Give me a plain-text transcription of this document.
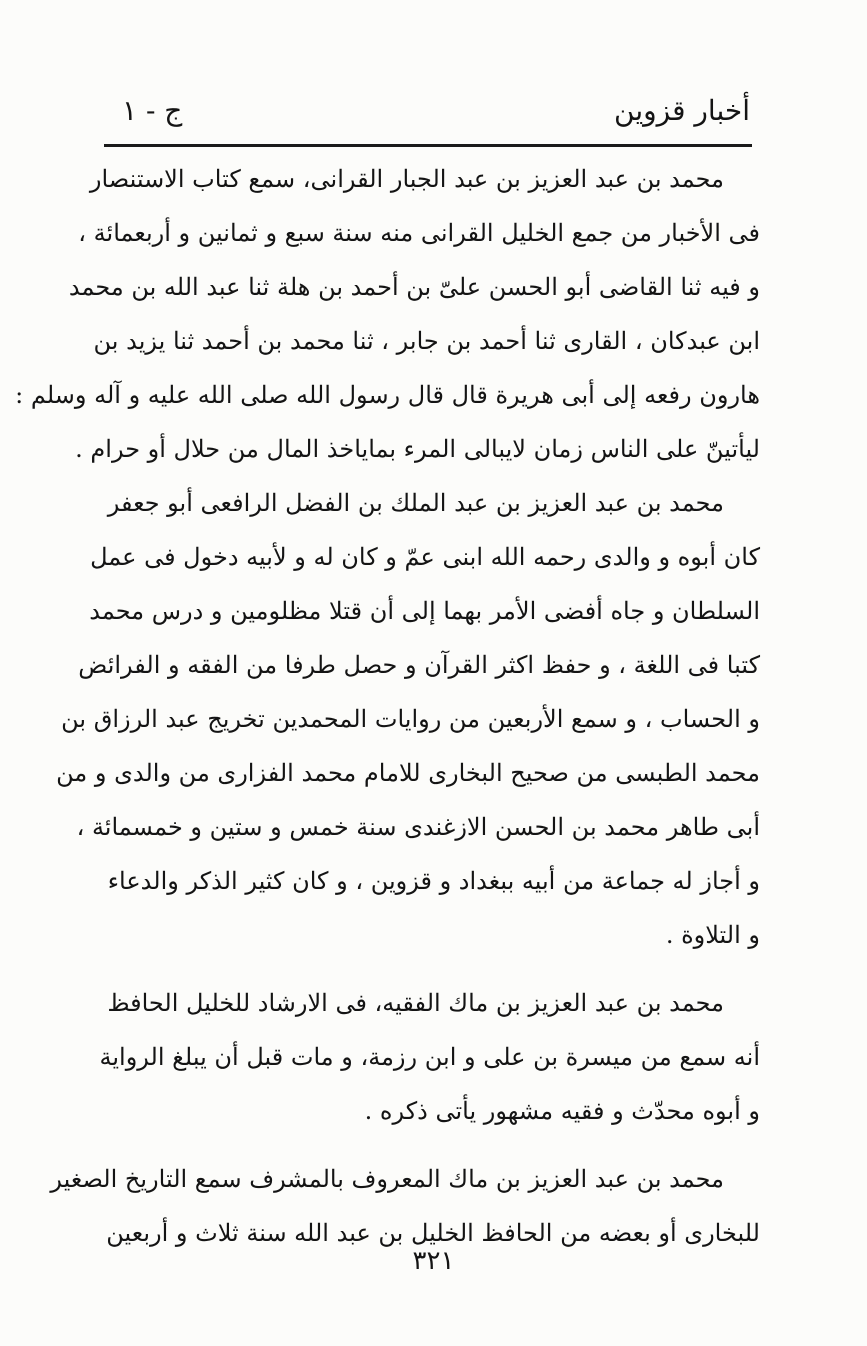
أخبار قزوين
ج - ١
محمد بن عبد العزيز بن عبد الجبار القرانى، سمع كتاب الاستنصار
فى الأخبار من جمع الخليل القرانى منه سنة سبع و ثمانين و أربعمائة ،
و فيه ثنا القاضى أبو الحسن علىّ بن أحمد بن هلة ثنا عبد الله بن محمد
ابن عبدكان ، القارى ثنا أحمد بن جابر ، ثنا محمد بن أحمد ثنا يزيد بن
هارون رفعه إلى أبى هريرة قال قال رسول الله صلى الله عليه و آله وسلم :
ليأتينّ على الناس زمان لايبالى المرء بماياخذ المال من حلال أو حرام .
محمد بن عبد العزيز بن عبد الملك بن الفضل الرافعى أبو جعفر
كان أبوه و والدى رحمه الله ابنى عمّ و كان له و لأبيه دخول فى عمل
السلطان و جاه أفضى الأمر بهما إلى أن قتلا مظلومين و درس محمد
كتبا فى اللغة ، و حفظ اكثر القرآن و حصل طرفا من الفقه و الفرائض
و الحساب ، و سمع الأربعين من روايات المحمدين تخريج عبد الرزاق بن
محمد الطبسى من صحيح البخارى للامام محمد الفزارى من والدى و من
أبى طاهر محمد بن الحسن الازغندى سنة خمس و ستين و خمسمائة ،
و أجاز له جماعة من أبيه ببغداد و قزوين ، و كان كثير الذكر والدعاء
و التلاوة .
محمد بن عبد العزيز بن ماك الفقيه، فى الارشاد للخليل الحافظ
أنه سمع من ميسرة بن على و ابن رزمة، و مات قبل أن يبلغ الرواية
و أبوه محدّث و فقيه مشهور يأتى ذكره .
محمد بن عبد العزيز بن ماك المعروف بالمشرف سمع التاريخ الصغير
للبخارى أو بعضه من الحافظ الخليل بن عبد الله سنة ثلاث و أربعين
٣٢١
